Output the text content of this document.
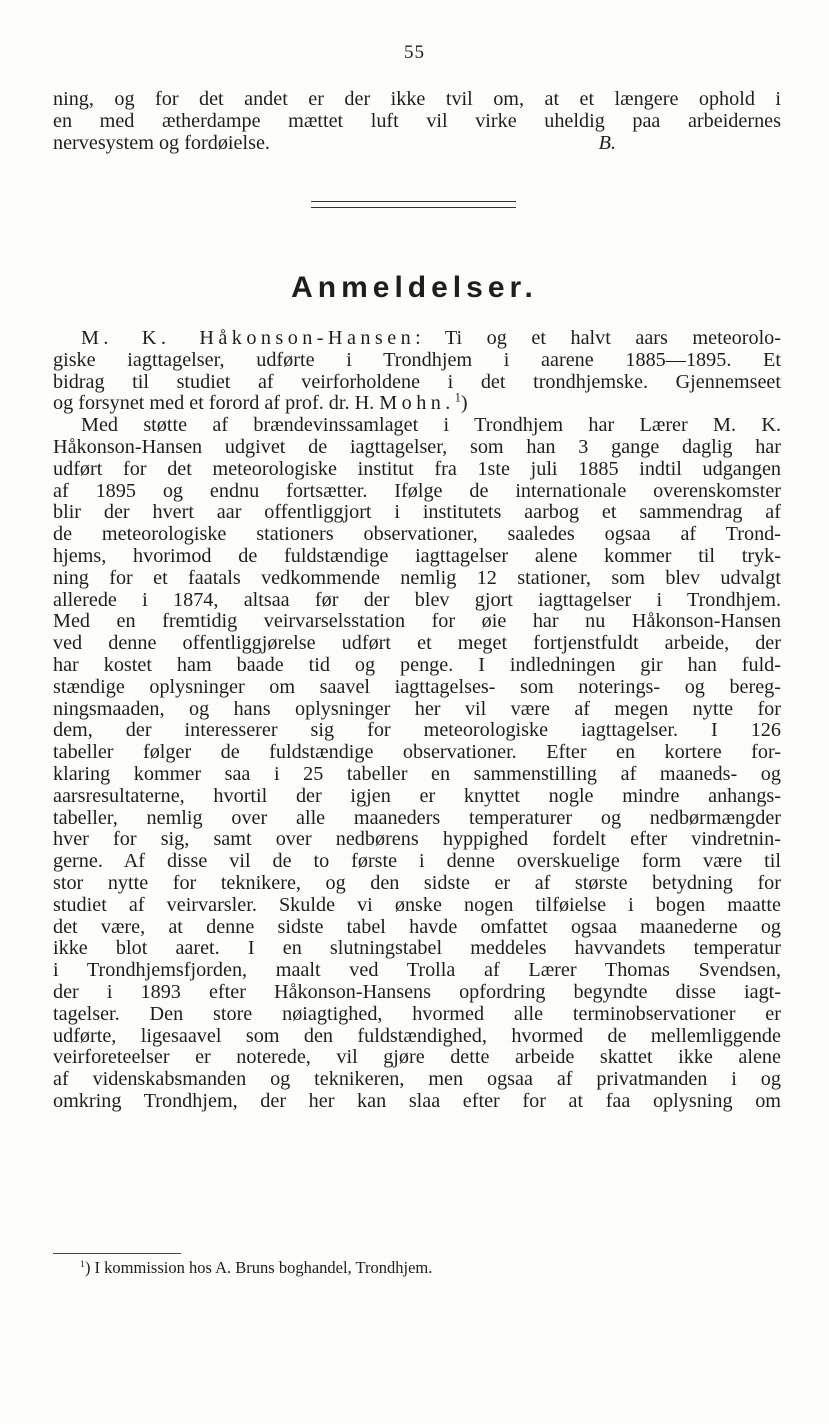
55
ning, og for det andet er der ikke tvil om, at et længere ophold i
en med ætherdampe mættet luft vil virke uheldig paa arbeidernes
nervesystem og fordøielse.	B.
Anmeldelser.
M. K. Håkonson-Hansen: Ti og et halvt aars meteorolo-
giske iagttagelser, udførte i Trondhjem i aarene 1885—1895. Et
bidrag til studiet af veirforholdene i det trondhjemske. Gjennemseet
og forsynet med et forord af prof. dr. H. Mohn.$^1$)
Med støtte af brændevinssamlaget i Trondhjem har Lærer M. K.
Håkonson-Hansen udgivet de iagttagelser, som han 3 gange daglig har
udført for det meteorologiske institut fra 1ste juli 1885 indtil udgangen
af 1895 og endnu fortsætter. Ifølge de internationale overenskomster
blir der hvert aar offentliggjort i institutets aarbog et sammendrag af
de meteorologiske stationers observationer, saaledes ogsaa af Trond-
hjems, hvorimod de fuldstændige iagttagelser alene kommer til tryk-
ning for et faatals vedkommende nemlig 12 stationer, som blev udvalgt
allerede i 1874, altsaa før der blev gjort iagttagelser i Trondhjem.
Med en fremtidig veirvarselsstation for øie har nu Håkonson-Hansen
ved denne offentliggjørelse udført et meget fortjenstfuldt arbeide, der
har kostet ham baade tid og penge. I indledningen gir han fuld-
stændige oplysninger om saavel iagttagelses- som noterings- og bereg-
ningsmaaden, og hans oplysninger her vil være af megen nytte for
dem, der interesserer sig for meteorologiske iagttagelser. I 126
tabeller følger de fuldstændige observationer. Efter en kortere for-
klaring kommer saa i 25 tabeller en sammenstilling af maaneds- og
aarsresultaterne, hvortil der igjen er knyttet nogle mindre anhangs-
tabeller, nemlig over alle maaneders temperaturer og nedbørmængder
hver for sig, samt over nedbørens hyppighed fordelt efter vindretnin-
gerne. Af disse vil de to første i denne overskuelige form være til
stor nytte for teknikere, og den sidste er af største betydning for
studiet af veirvarsler. Skulde vi ønske nogen tilføielse i bogen maatte
det være, at denne sidste tabel havde omfattet ogsaa maanederne og
ikke blot aaret. I en slutningstabel meddeles havvandets temperatur
i Trondhjemsfjorden, maalt ved Trolla af Lærer Thomas Svendsen,
der i 1893 efter Håkonson-Hansens opfordring begyndte disse iagt-
tagelser. Den store nøiagtighed, hvormed alle terminobservationer er
udførte, ligesaavel som den fuldstændighed, hvormed de mellemliggende
veirforeteelser er noterede, vil gjøre dette arbeide skattet ikke alene
af videnskabsmanden og teknikeren, men ogsaa af privatmanden i og
omkring Trondhjem, der her kan slaa efter for at faa oplysning om
$^1$) I kommission hos A. Bruns boghandel, Trondhjem.
